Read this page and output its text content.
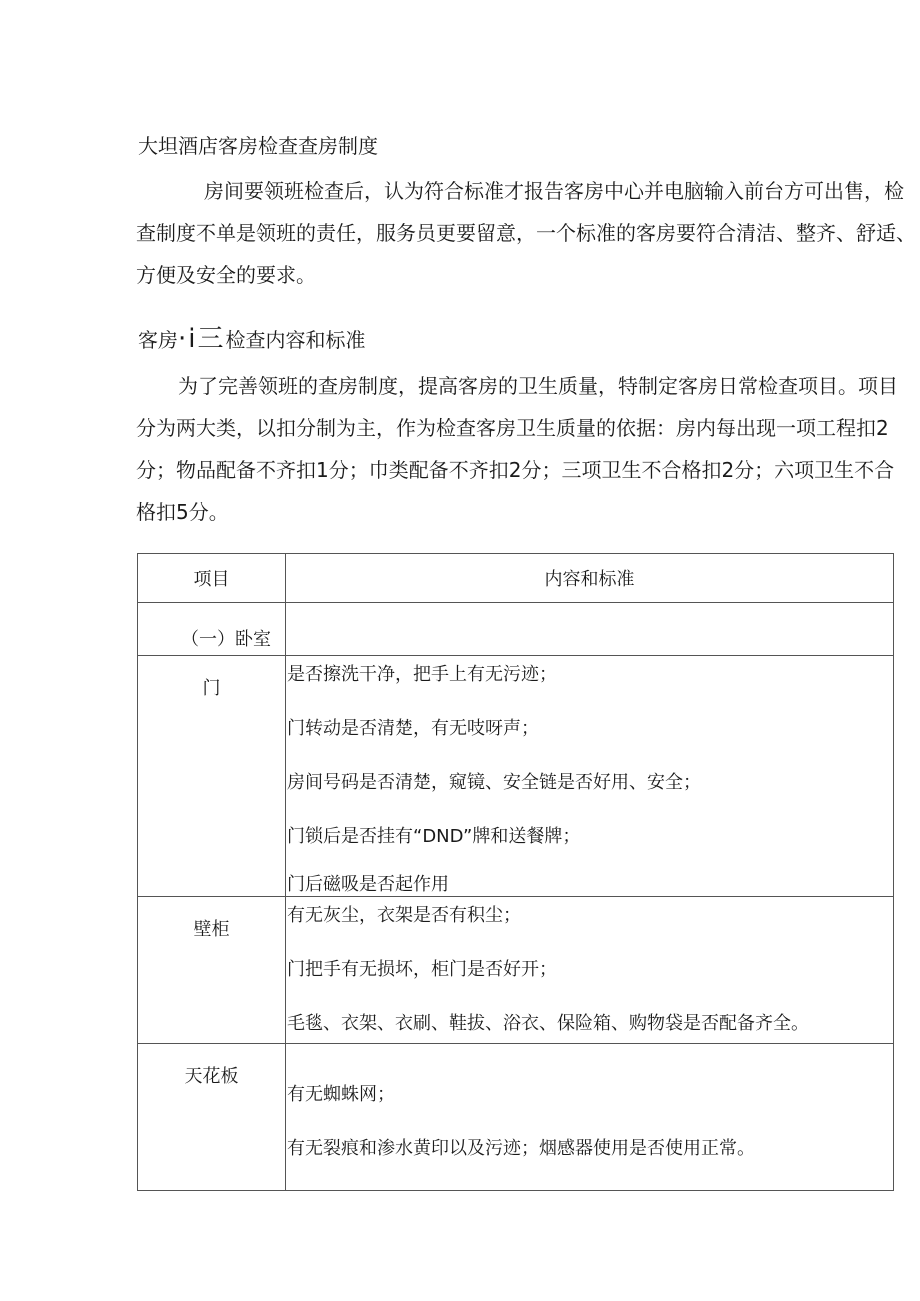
大坦酒店客房检查查房制度
房间要领班检查后，认为符合标准才报告客房中心并电脑输入前台方可出售，检
查制度不单是领班的责任，服务员更要留意，一个标准的客房要符合清洁、整齐、舒适、
方便及安全的要求。
客房·i三检查内容和标准
为了完善领班的查房制度，提高客房的卫生质量，特制定客房日常检查项目。项目
分为两大类，以扣分制为主，作为检查客房卫生质量的依据：房内每出现一项工程扣2
分；物品配备不齐扣1分；巾类配备不齐扣2分；三项卫生不合格扣2分；六项卫生不合
格扣5分。
项目	内容和标准
（一）卧室	
门	是否擦洗干净，把手上有无污迹；
门转动是否清楚，有无吱呀声；
房间号码是否清楚，窥镜、安全链是否好用、安全；
门锁后是否挂有“DND”牌和送餐牌；
门后磁吸是否起作用

壁柜	有无灰尘，衣架是否有积尘；
门把手有无损坏，柜门是否好开；
毛毯、衣架、衣刷、鞋拔、浴衣、保险箱、购物袋是否配备齐全。

天花板	有无蜘蛛网；
有无裂痕和渗水黄印以及污迹；烟感器使用是否使用正常。
